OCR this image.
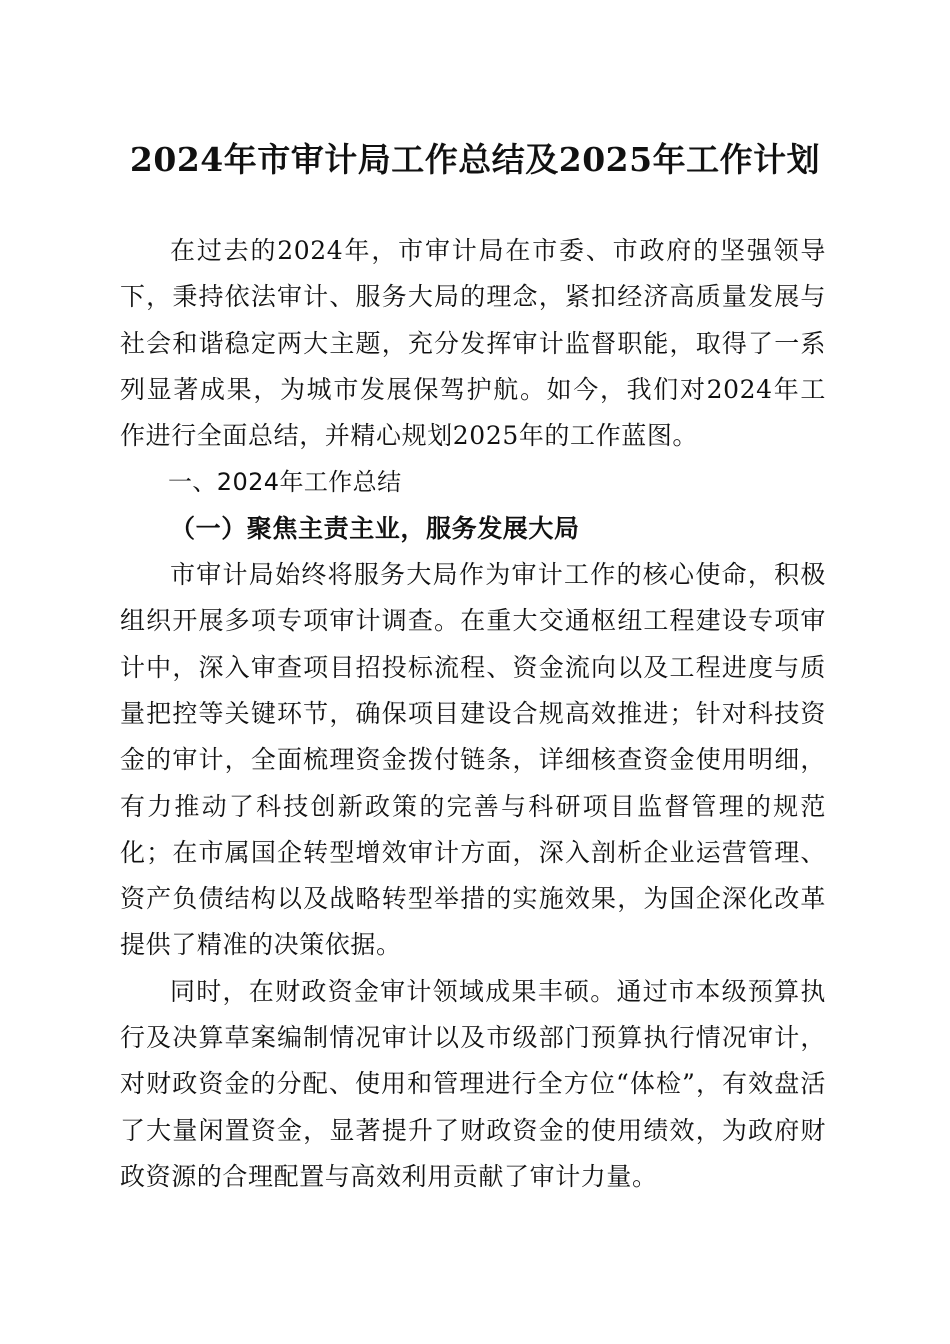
2024年市审计局工作总结及2025年工作计划

在过去的2024年，市审计局在市委、市政府的坚强领导下，秉持依法审计、服务大局的理念，紧扣经济高质量发展与社会和谐稳定两大主题，充分发挥审计监督职能，取得了一系列显著成果，为城市发展保驾护航。如今，我们对2024年工作进行全面总结，并精心规划2025年的工作蓝图。

一、2024年工作总结

（一）聚焦主责主业，服务发展大局

市审计局始终将服务大局作为审计工作的核心使命，积极组织开展多项专项审计调查。在重大交通枢纽工程建设专项审计中，深入审查项目招投标流程、资金流向以及工程进度与质量把控等关键环节，确保项目建设合规高效推进；针对科技资金的审计，全面梳理资金拨付链条，详细核查资金使用明细，有力推动了科技创新政策的完善与科研项目监督管理的规范化；在市属国企转型增效审计方面，深入剖析企业运营管理、资产负债结构以及战略转型举措的实施效果，为国企深化改革提供了精准的决策依据。

同时，在财政资金审计领域成果丰硕。通过市本级预算执行及决算草案编制情况审计以及市级部门预算执行情况审计，对财政资金的分配、使用和管理进行全方位“体检”，有效盘活了大量闲置资金，显著提升了财政资金的使用绩效，为政府财政资源的合理配置与高效利用贡献了审计力量。
